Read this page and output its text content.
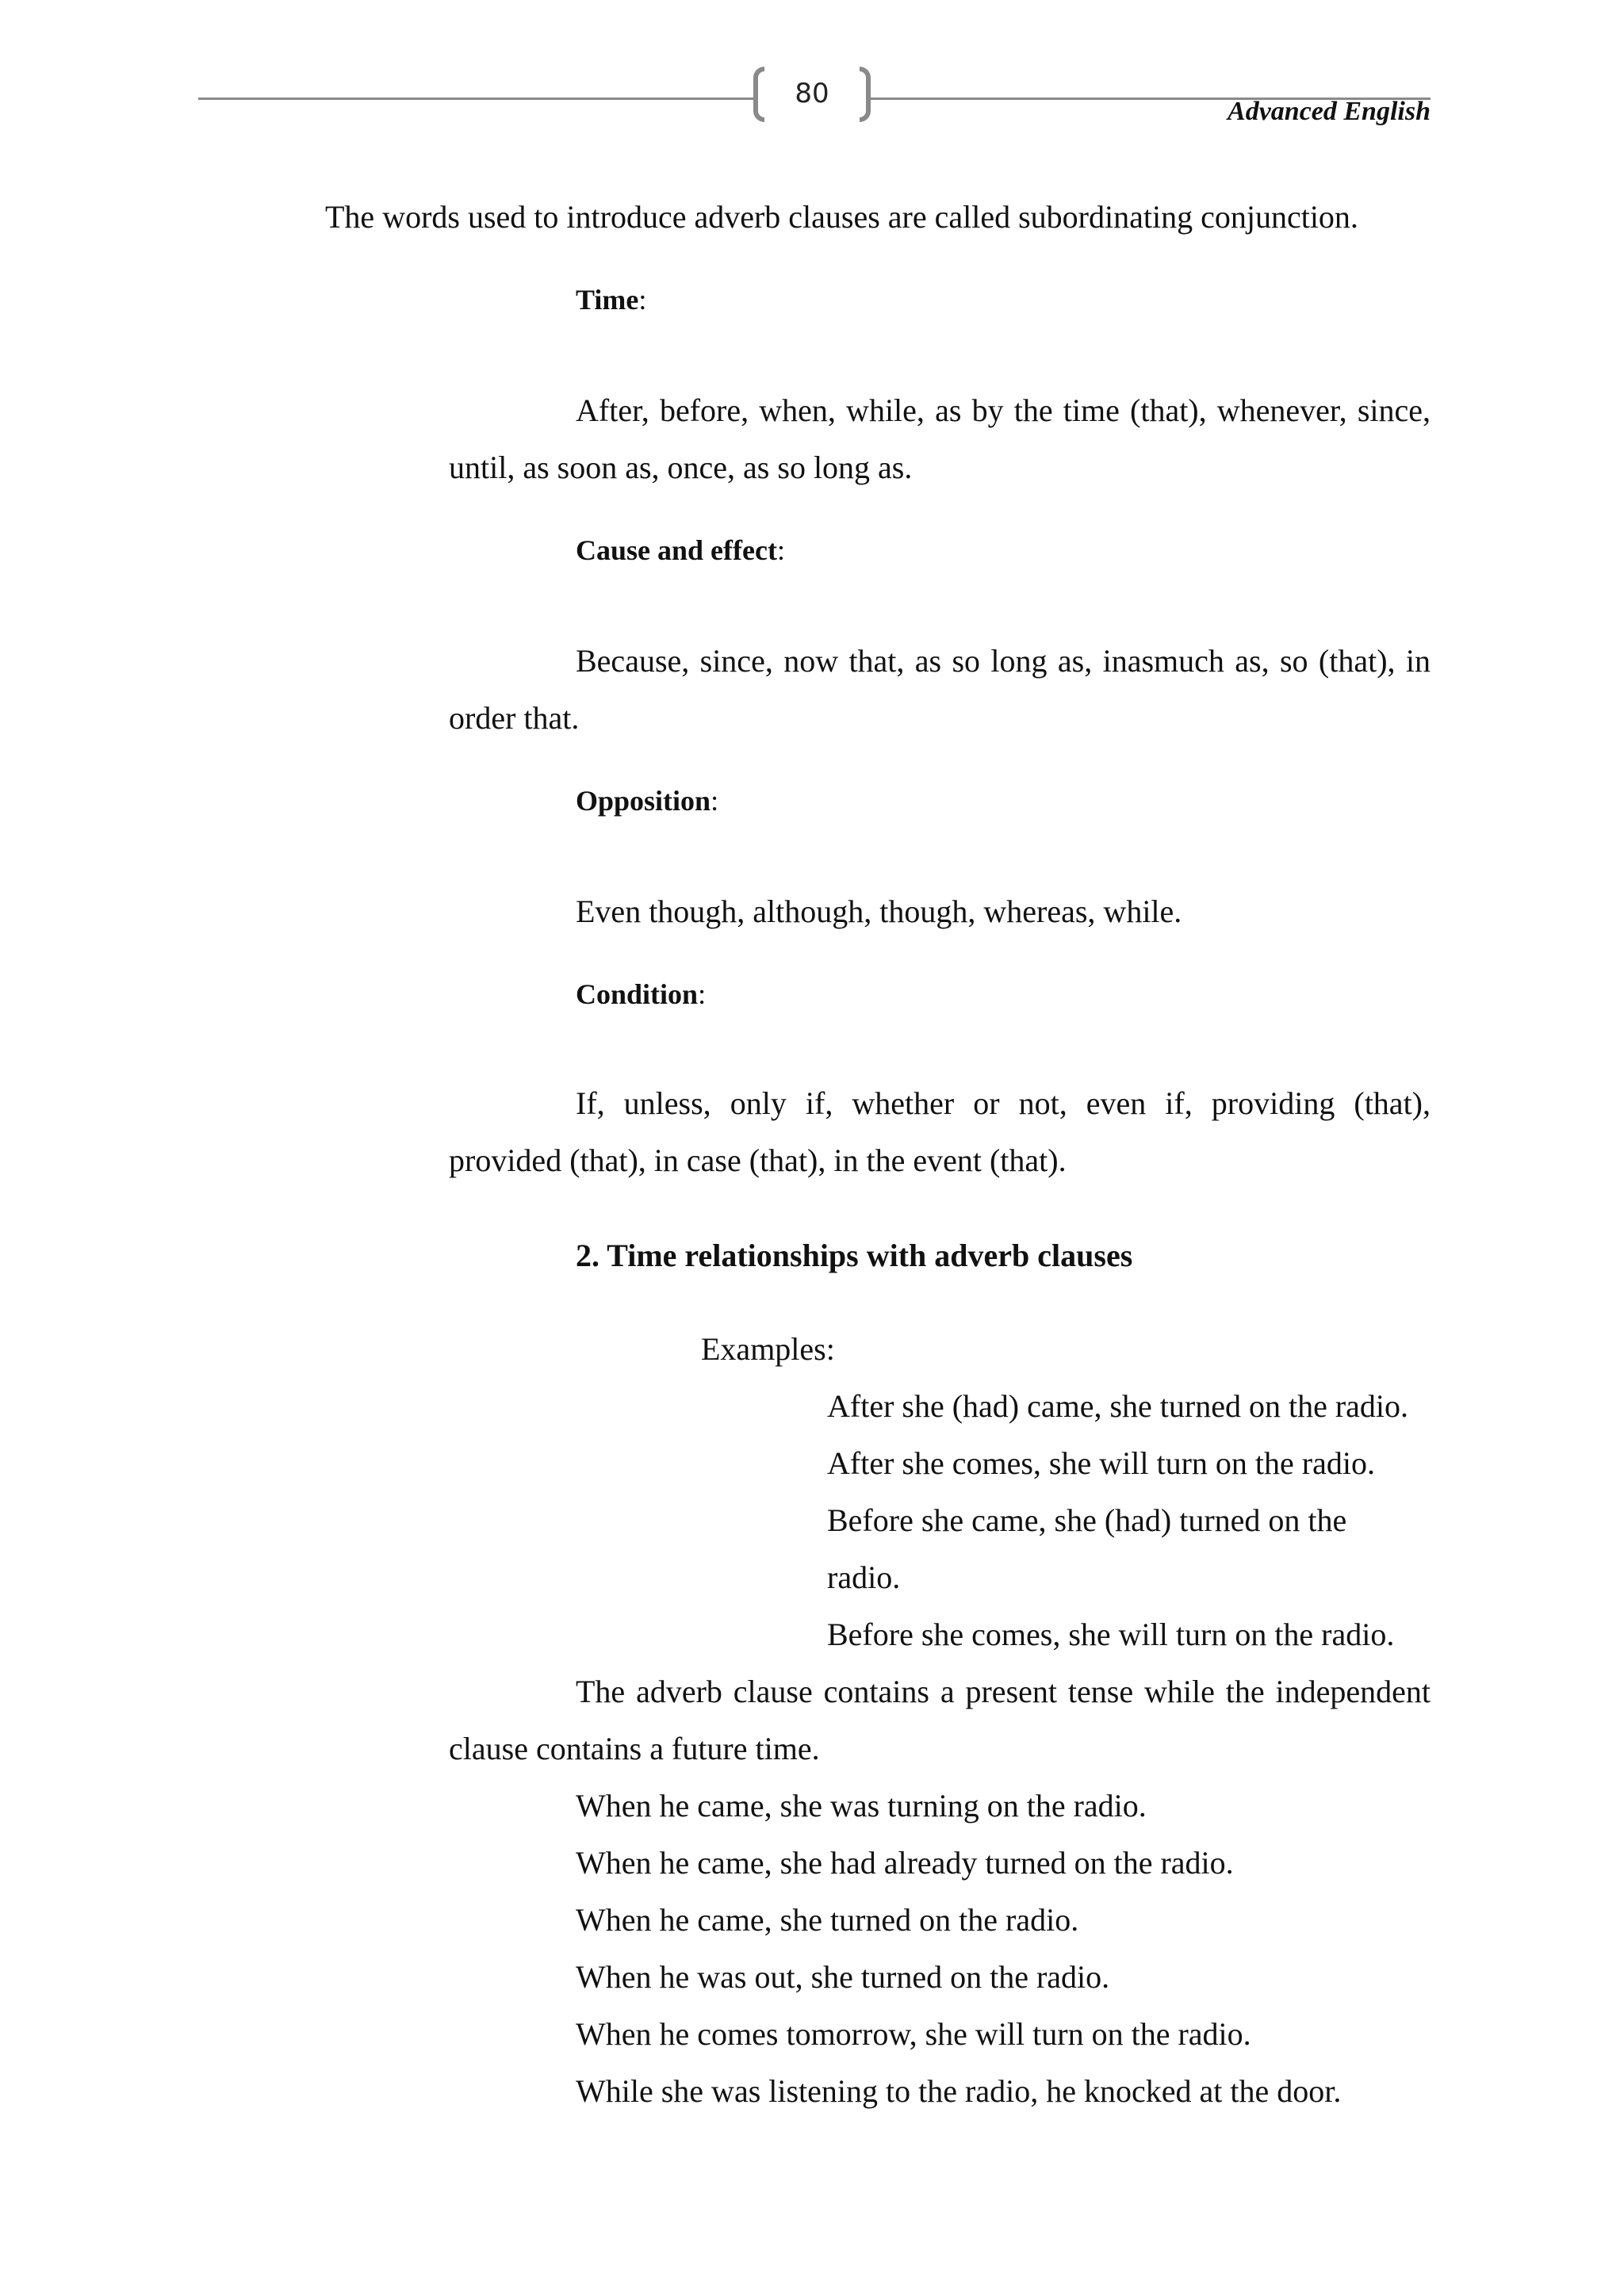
80
Advanced English

The words used to introduce adverb clauses are called subordinating conjunction.

Time:

After, before, when, while, as by the time (that), whenever, since, until, as soon as, once, as so long as.

Cause and effect:

Because, since, now that, as so long as, inasmuch as, so (that), in order that.

Opposition:

Even though, although, though, whereas, while.

Condition:

If, unless, only if, whether or not, even if, providing (that), provided (that), in case (that), in the event (that).

2. Time relationships with adverb clauses

Examples:

After she (had) came, she turned on the radio.

After she comes, she will turn on the radio.

Before she came, she (had) turned on the

radio.

Before she comes, she will turn on the radio.

The adverb clause contains a present tense while the independent clause contains a future time.

When he came, she was turning on the radio.

When he came, she had already turned on the radio.

When he came, she turned on the radio.

When he was out, she turned on the radio.

When he comes tomorrow, she will turn on the radio.

While she was listening to the radio, he knocked at the door.
